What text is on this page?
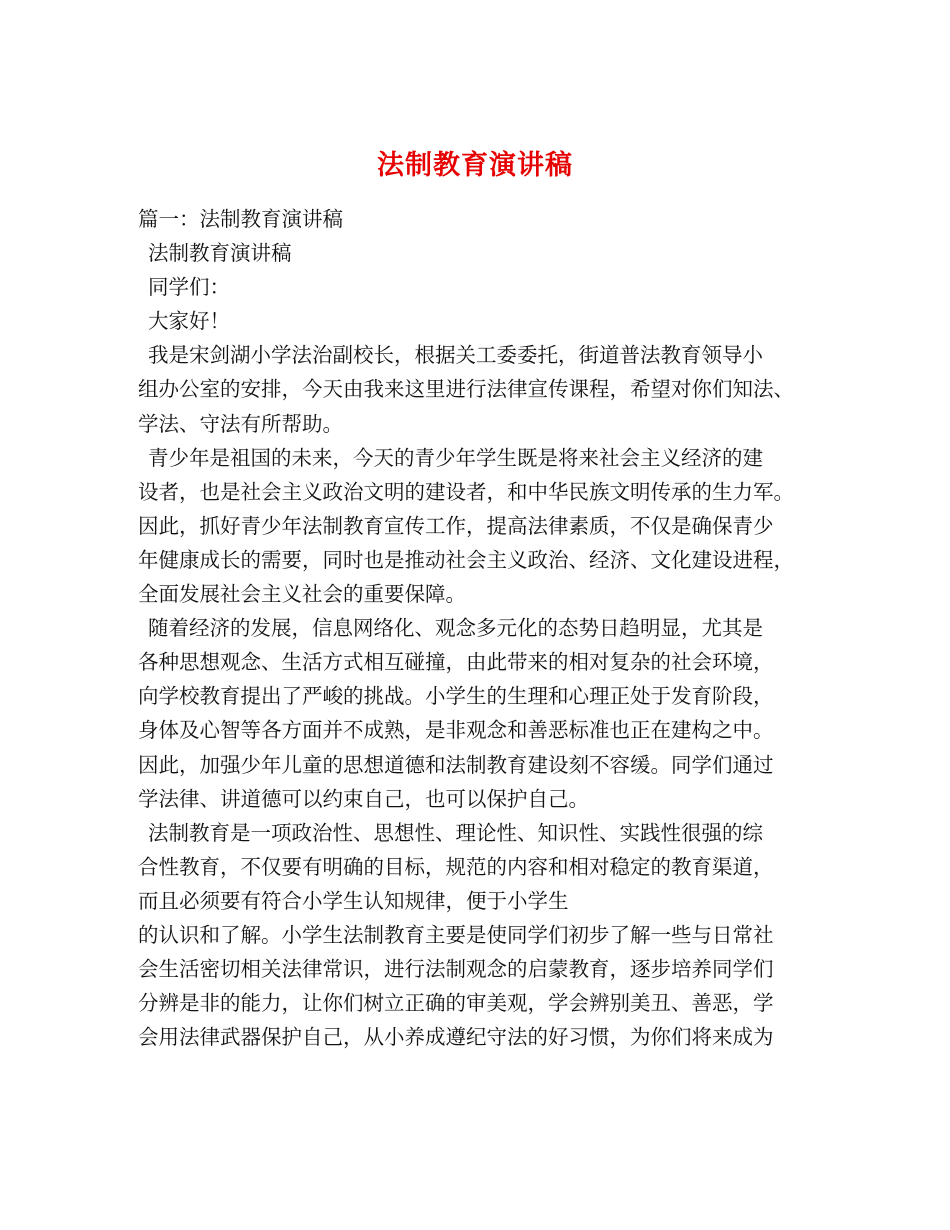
法制教育演讲稿
篇一：法制教育演讲稿
法制教育演讲稿
同学们：
大家好！
我是宋剑湖小学法治副校长，根据关工委委托，街道普法教育领导小
组办公室的安排，今天由我来这里进行法律宣传课程，希望对你们知法、
学法、守法有所帮助。
青少年是祖国的未来，今天的青少年学生既是将来社会主义经济的建
设者，也是社会主义政治文明的建设者，和中华民族文明传承的生力军。
因此，抓好青少年法制教育宣传工作，提高法律素质，不仅是确保青少
年健康成长的需要，同时也是推动社会主义政治、经济、文化建设进程，
全面发展社会主义社会的重要保障。
随着经济的发展，信息网络化、观念多元化的态势日趋明显，尤其是
各种思想观念、生活方式相互碰撞，由此带来的相对复杂的社会环境，
向学校教育提出了严峻的挑战。小学生的生理和心理正处于发育阶段，
身体及心智等各方面并不成熟，是非观念和善恶标准也正在建构之中。
因此，加强少年儿童的思想道德和法制教育建设刻不容缓。同学们通过
学法律、讲道德可以约束自己，也可以保护自己。
法制教育是一项政治性、思想性、理论性、知识性、实践性很强的综
合性教育，不仅要有明确的目标，规范的内容和相对稳定的教育渠道，
而且必须要有符合小学生认知规律，便于小学生
的认识和了解。小学生法制教育主要是使同学们初步了解一些与日常社
会生活密切相关法律常识，进行法制观念的启蒙教育，逐步培养同学们
分辨是非的能力，让你们树立正确的审美观，学会辨别美丑、善恶，学
会用法律武器保护自己，从小养成遵纪守法的好习惯，为你们将来成为
